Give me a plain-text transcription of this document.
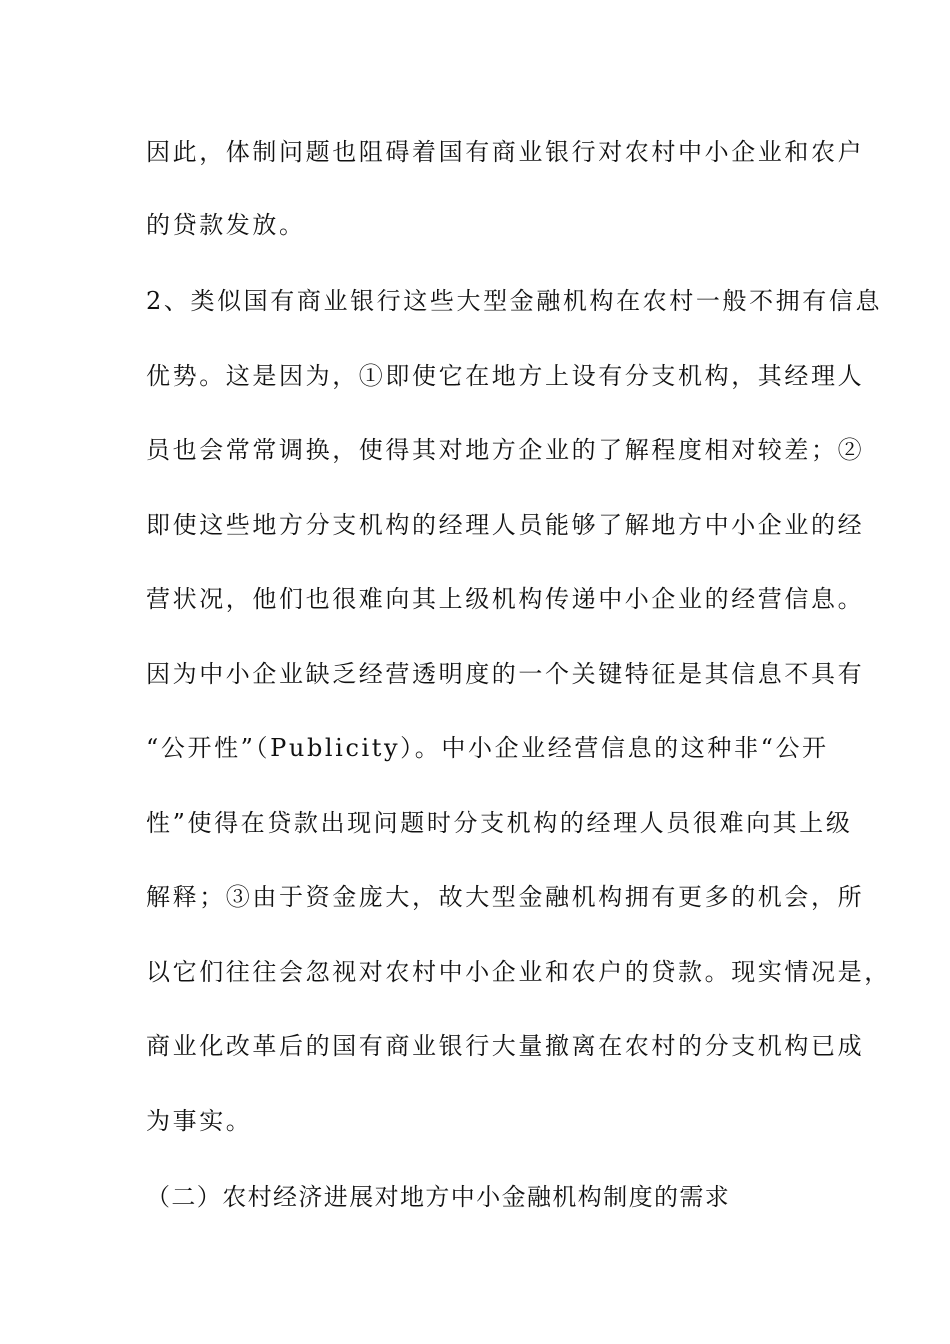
因此，体制问题也阻碍着国有商业银行对农村中小企业和农户
的贷款发放。
2、类似国有商业银行这些大型金融机构在农村一般不拥有信息
优势。这是因为，①即使它在地方上设有分支机构，其经理人
员也会常常调换，使得其对地方企业的了解程度相对较差；②
即使这些地方分支机构的经理人员能够了解地方中小企业的经
营状况，他们也很难向其上级机构传递中小企业的经营信息。
因为中小企业缺乏经营透明度的一个关键特征是其信息不具有
“公开性”（Publicity）。中小企业经营信息的这种非“公开
性”使得在贷款出现问题时分支机构的经理人员很难向其上级
解释；③由于资金庞大，故大型金融机构拥有更多的机会，所
以它们往往会忽视对农村中小企业和农户的贷款。现实情况是，
商业化改革后的国有商业银行大量撤离在农村的分支机构已成
为事实。
（二）农村经济进展对地方中小金融机构制度的需求
